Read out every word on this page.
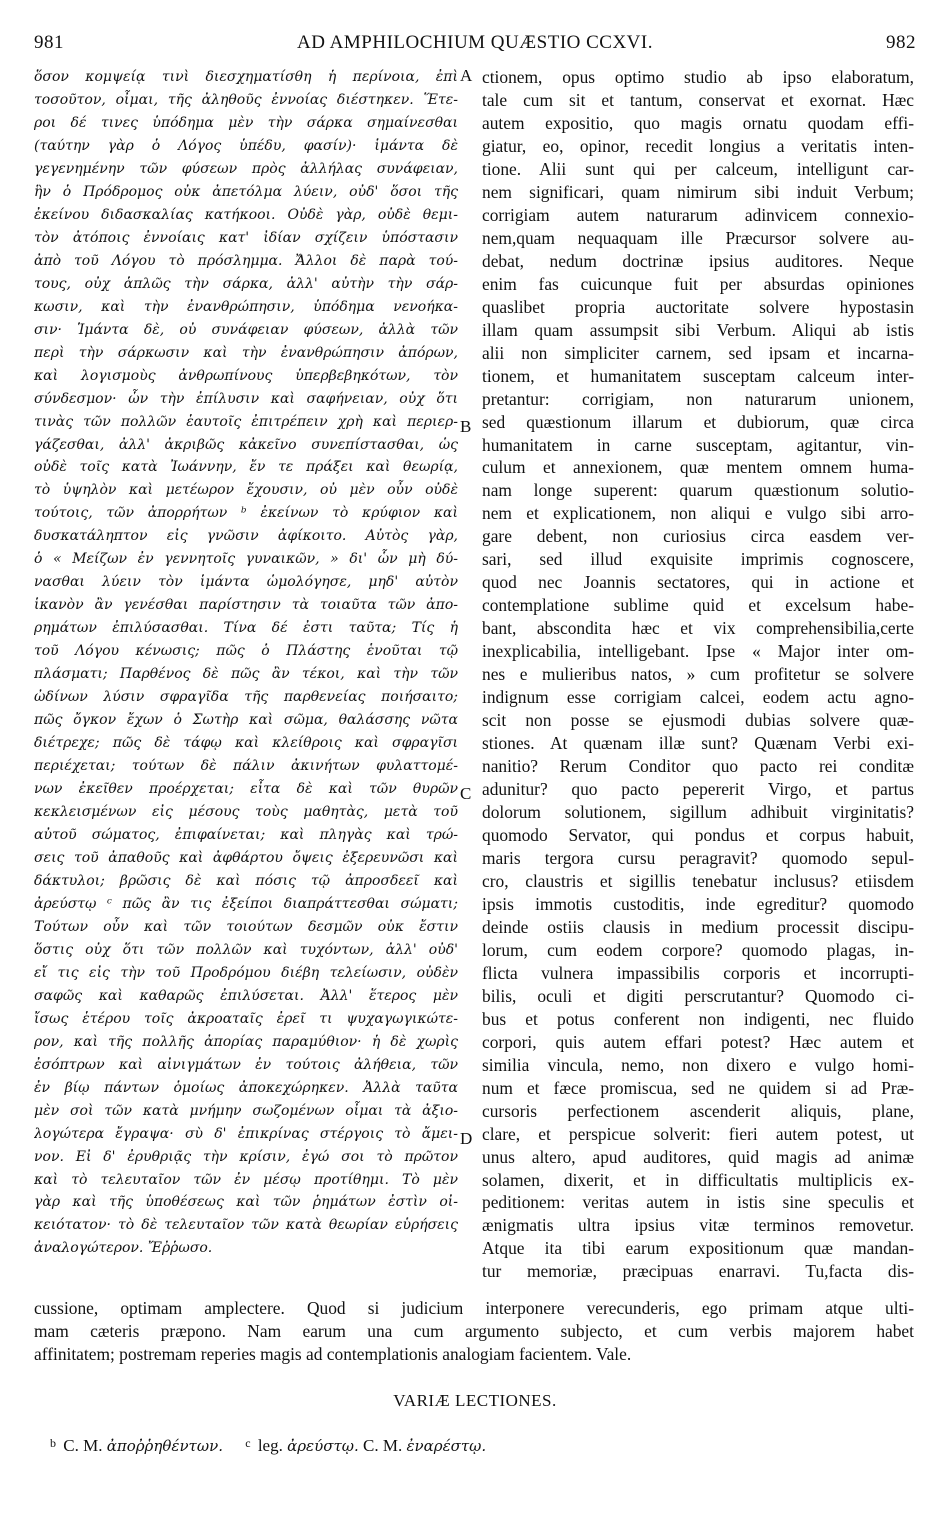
981	AD AMPHILOCHIUM QUÆSTIO CCXVI.	982
ὅσον κομψείᾳ τινὶ διεσχηματίσθη ἡ περίνοια, ἐπὶ
τοσοῦτον, οἶμαι, τῆς ἀληθοῦς ἐννοίας διέστηκεν. Ἕτε-
ροι δέ τινες ὑπόδημα μὲν τὴν σάρκα σημαίνεσθαι
(ταύτην γὰρ ὁ Λόγος ὑπέδυ, φασίν)· ἱμάντα δὲ
γεγενημένην τῶν φύσεων πρὸς ἀλλήλας συνάφειαν,
ἣν ὁ Πρόδρομος οὐκ ἀπετόλμα λύειν, οὐδ' ὅσοι τῆς
ἐκείνου διδασκαλίας κατήκοοι. Οὐδὲ γὰρ, οὐδὲ θεμι-
τὸν ἀτόποις ἐννοίαις κατ' ἰδίαν σχίζειν ὑπόστασιν
ἀπὸ τοῦ Λόγου τὸ πρόσλημμα. Ἄλλοι δὲ παρὰ τού-
τους, οὐχ ἁπλῶς τὴν σάρκα, ἀλλ' αὐτὴν τὴν σάρ-
κωσιν, καὶ τὴν ἐνανθρώπησιν, ὑπόδημα νενοήκα-
σιν· Ἱμάντα δὲ, οὐ συνάφειαν φύσεων, ἀλλὰ τῶν
περὶ τὴν σάρκωσιν καὶ τὴν ἐνανθρώπησιν ἀπόρων,
καὶ λογισμοὺς ἀνθρωπίνους ὑπερβεβηκότων, τὸν
σύνδεσμον· ὧν τὴν ἐπίλυσιν καὶ σαφήνειαν, οὐχ ὅτι
τινὰς τῶν πολλῶν ἑαυτοῖς ἐπιτρέπειν χρὴ καὶ περιερ-
γάζεσθαι, ἀλλ' ἀκριβῶς κἀκεῖνο συνεπίστασθαι, ὡς
οὐδὲ τοῖς κατὰ Ἰωάννην, ἔν τε πράξει καὶ θεωρίᾳ,
τὸ ὑψηλὸν καὶ μετέωρον ἔχουσιν, οὐ μὲν οὖν οὐδὲ
τούτοις, τῶν ἀπορρήτων ᵇ ἐκείνων τὸ κρύφιον καὶ
δυσκατάληπτον εἰς γνῶσιν ἀφίκοιτο. Αὐτὸς γὰρ,
ὁ « Μείζων ἐν γεννητοῖς γυναικῶν, » δι' ὧν μὴ δύ-
νασθαι λύειν τὸν ἱμάντα ὡμολόγησε, μηδ' αὐτὸν
ἱκανὸν ἂν γενέσθαι παρίστησιν τὰ τοιαῦτα τῶν ἀπο-
ρημάτων ἐπιλύσασθαι. Τίνα δέ ἐστι ταῦτα; Τίς ἡ
τοῦ Λόγου κένωσις; πῶς ὁ Πλάστης ἑνοῦται τῷ
πλάσματι; Παρθένος δὲ πῶς ἂν τέκοι, καὶ τὴν τῶν
ὠδίνων λύσιν σφραγῖδα τῆς παρθενείας ποιήσαιτο;
πῶς ὄγκον ἔχων ὁ Σωτὴρ καὶ σῶμα, θαλάσσης νῶτα
διέτρεχε; πῶς δὲ τάφῳ καὶ κλείθροις καὶ σφραγῖσι
περιέχεται; τούτων δὲ πάλιν ἀκινήτων φυλαττομέ-
νων ἐκεῖθεν προέρχεται; εἶτα δὲ καὶ τῶν θυρῶν
κεκλεισμένων εἰς μέσους τοὺς μαθητὰς, μετὰ τοῦ
αὐτοῦ σώματος, ἐπιφαίνεται; καὶ πληγὰς καὶ τρώ-
σεις τοῦ ἀπαθοῦς καὶ ἀφθάρτου ὄψεις ἐξερευνῶσι καὶ
δάκτυλοι; βρῶσις δὲ καὶ πόσις τῷ ἀπροσδεεῖ καὶ
ἀρεύστῳ ᶜ πῶς ἂν τις ἐξείποι διαπράττεσθαι σώματι;
Τούτων οὖν καὶ τῶν τοιούτων δεσμῶν οὐκ ἔστιν
ὅστις οὐχ ὅτι τῶν πολλῶν καὶ τυχόντων, ἀλλ' οὐδ'
εἴ τις εἰς τὴν τοῦ Προδρόμου διέβη τελείωσιν, οὐδὲν
σαφῶς καὶ καθαρῶς ἐπιλύσεται. Ἀλλ' ἕτερος μὲν
ἴσως ἑτέρου τοῖς ἀκροαταῖς ἐρεῖ τι ψυχαγωγικώτε-
ρον, καὶ τῆς πολλῆς ἀπορίας παραμύθιον· ἡ δὲ χωρὶς
ἐσόπτρων καὶ αἰνιγμάτων ἐν τούτοις ἀλήθεια, τῶν
ἐν βίῳ πάντων ὁμοίως ἀποκεχώρηκεν. Ἀλλὰ ταῦτα
μὲν σοὶ τῶν κατὰ μνήμην σωζομένων οἶμαι τὰ ἀξιο-
λογώτερα ἔγραψα· σὺ δ' ἐπικρίνας στέργοις τὸ ἄμει-
νον. Εἰ δ' ἐρυθριᾷς τὴν κρίσιν, ἐγώ σοι τὸ πρῶτον
καὶ τὸ τελευταῖον τῶν ἐν μέσῳ προτίθημι. Τὸ μὲν
γὰρ καὶ τῆς ὑποθέσεως καὶ τῶν ῥημάτων ἐστὶν οἰ-
κειότατον· τὸ δὲ τελευταῖον τῶν κατὰ θεωρίαν εὑρήσεις
ἀναλογώτερον. Ἔῤῥωσο.
A
B
C
D
ctionem, opus optimo studio ab ipso elaboratum,
tale cum sit et tantum, conservat et exornat. Hæc
autem expositio, quo magis ornatu quodam effi-
giatur, eo, opinor, recedit longius a veritatis inten-
tione. Alii sunt qui per calceum, intelligunt car-
nem significari, quam nimirum sibi induit Verbum;
corrigiam autem naturarum adinvicem connexio-
nem,quam nequaquam ille Præcursor solvere au-
debat, nedum doctrinæ ipsius auditores. Neque
enim fas cuicunque fuit per absurdas opiniones
quaslibet propria auctoritate solvere hypostasin
illam quam assumpsit sibi Verbum. Aliqui ab istis
alii non simpliciter carnem, sed ipsam et incarna-
tionem, et humanitatem susceptam calceum inter-
pretantur: corrigiam, non naturarum unionem,
sed quæstionum illarum et dubiorum, quæ circa
humanitatem in carne susceptam, agitantur, vin-
culum et annexionem, quæ mentem omnem huma-
nam longe superent: quarum quæstionum solutio-
nem et explicationem, non aliqui e vulgo sibi arro-
gare debent, non curiosius circa easdem ver-
sari, sed illud exquisite imprimis cognoscere,
quod nec Joannis sectatores, qui in actione et
contemplatione sublime quid et excelsum habe-
bant, abscondita hæc et vix comprehensibilia,certe
inexplicabilia, intelligebant. Ipse « Major inter om-
nes e mulieribus natos, » cum profitetur se solvere
indignum esse corrigiam calcei, eodem actu agno-
scit non posse se ejusmodi dubias solvere quæ-
stiones. At quænam illæ sunt? Quænam Verbi exi-
nanitio? Rerum Conditor quo pacto rei conditæ
adunitur? quo pacto pepererit Virgo, et partus
dolorum solutionem, sigillum adhibuit virginitatis?
quomodo Servator, qui pondus et corpus habuit,
maris tergora cursu peragravit? quomodo sepul-
cro, claustris et sigillis tenebatur inclusus? etiisdem
ipsis immotis custoditis, inde egreditur? quomodo
deinde ostiis clausis in medium processit discipu-
lorum, cum eodem corpore? quomodo plagas, in-
flicta vulnera impassibilis corporis et incorrupti-
bilis, oculi et digiti perscrutantur? Quomodo ci-
bus et potus conferent non indigenti, nec fluido
corpori, quis autem effari potest? Hæc autem et
similia vincula, nemo, non dixero e vulgo homi-
num et fæce promiscua, sed ne quidem si ad Præ-
cursoris perfectionem ascenderit aliquis, plane,
clare, et perspicue solverit: fieri autem potest, ut
unus altero, apud auditores, quid magis ad animæ
solamen, dixerit, et in difficultatis multiplicis ex-
peditionem: veritas autem in istis sine speculis et
ænigmatis ultra ipsius vitæ terminos removetur.
Atque ita tibi earum expositionum quæ mandan-
tur memoriæ, præcipuas enarravi. Tu,facta dis-
cussione, optimam amplectere. Quod si judicium interponere verecunderis, ego primam atque ulti-
mam cæteris præpono. Nam earum una cum argumento subjecto, et cum verbis majorem habet
affinitatem; postremam reperies magis ad contemplationis analogiam facientem. Vale.
VARIÆ LECTIONES.
$^b$ C. M. ἀποῤῥηθέντων. $^c$ leg. ἀρεύστῳ. C. M. ἐναρέστῳ.
